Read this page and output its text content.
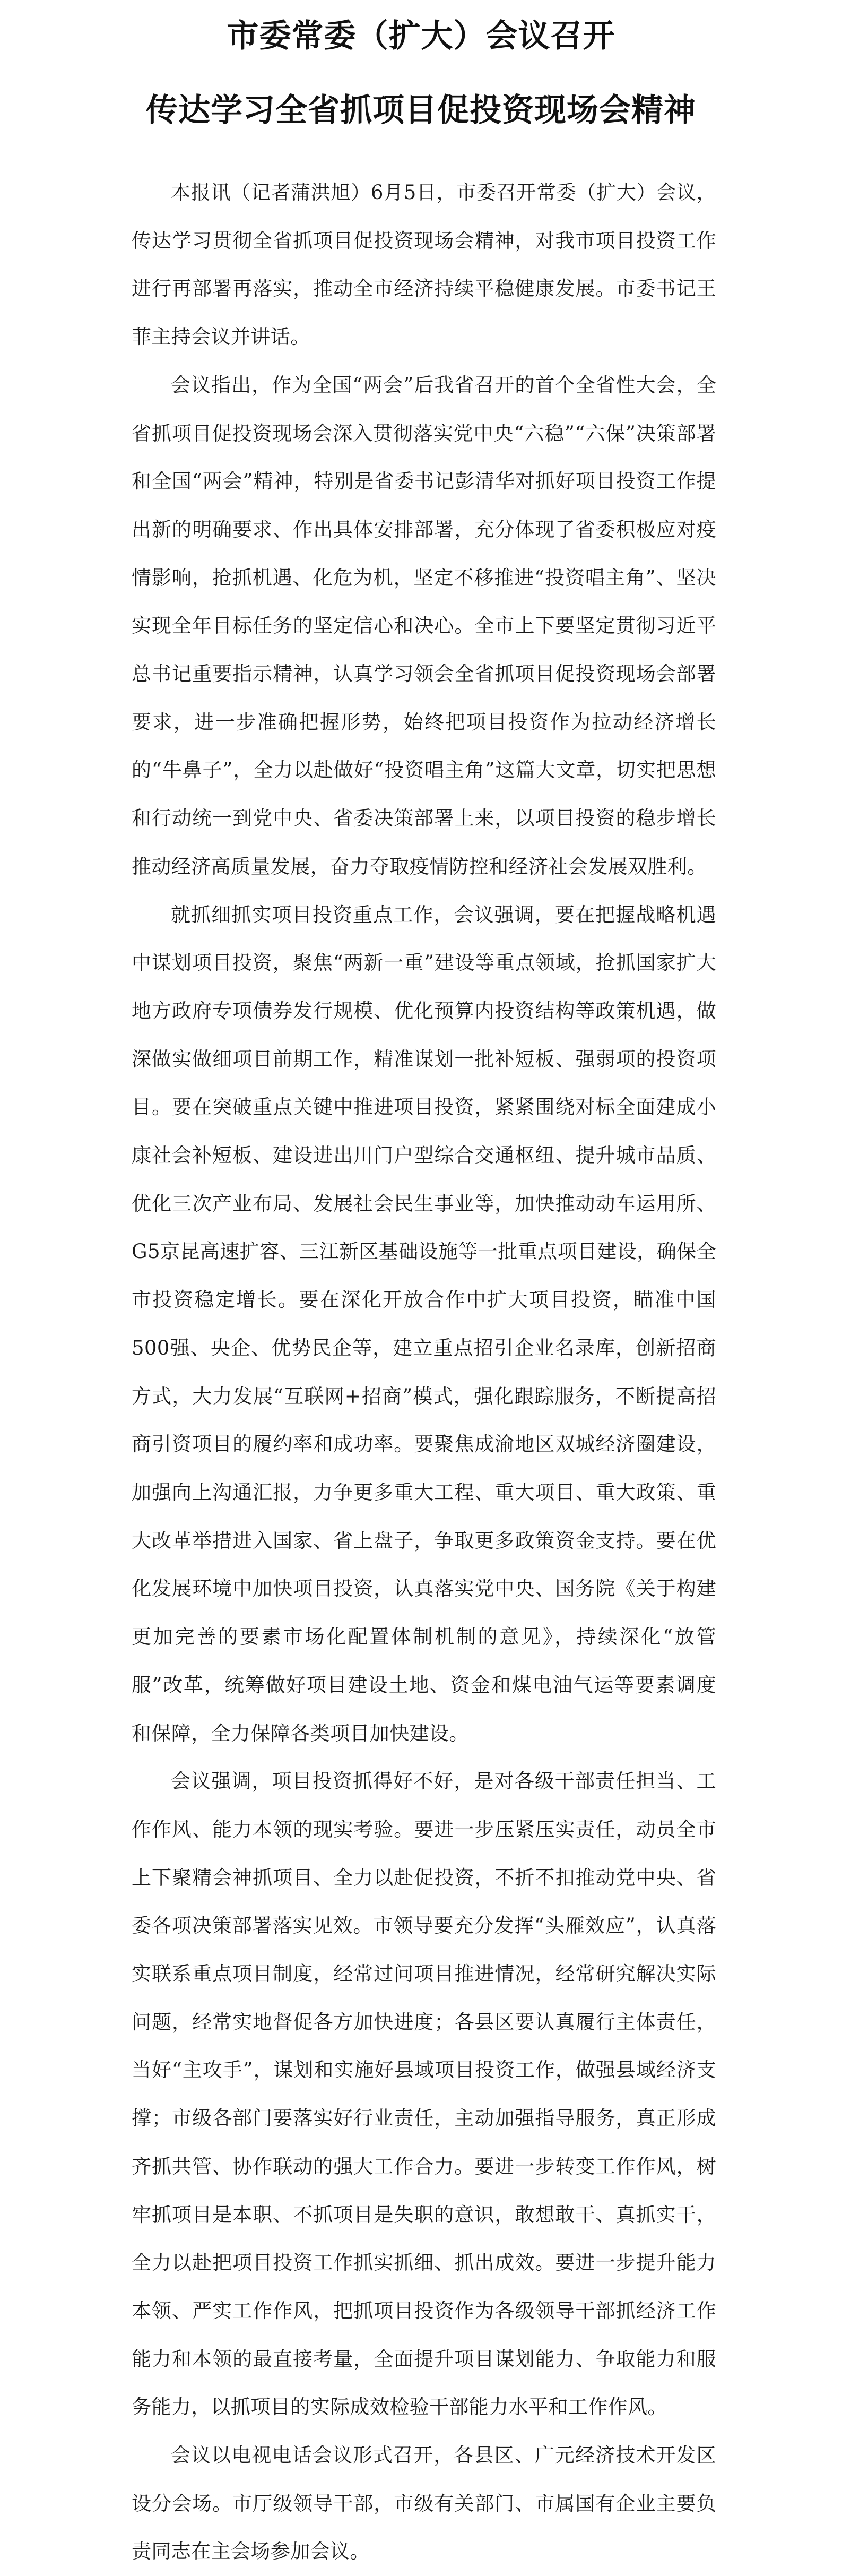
市委常委（扩大）会议召开
传达学习全省抓项目促投资现场会精神

本报讯（记者蒲洪旭）6月5日，市委召开常委（扩大）会议，传达学习贯彻全省抓项目促投资现场会精神，对我市项目投资工作进行再部署再落实，推动全市经济持续平稳健康发展。市委书记王菲主持会议并讲话。

会议指出，作为全国“两会”后我省召开的首个全省性大会，全省抓项目促投资现场会深入贯彻落实党中央“六稳”“六保”决策部署和全国“两会”精神，特别是省委书记彭清华对抓好项目投资工作提出新的明确要求、作出具体安排部署，充分体现了省委积极应对疫情影响，抢抓机遇、化危为机，坚定不移推进“投资唱主角”、坚决实现全年目标任务的坚定信心和决心。全市上下要坚定贯彻习近平总书记重要指示精神，认真学习领会全省抓项目促投资现场会部署要求，进一步准确把握形势，始终把项目投资作为拉动经济增长的“牛鼻子”，全力以赴做好“投资唱主角”这篇大文章，切实把思想和行动统一到党中央、省委决策部署上来，以项目投资的稳步增长推动经济高质量发展，奋力夺取疫情防控和经济社会发展双胜利。

就抓细抓实项目投资重点工作，会议强调，要在把握战略机遇中谋划项目投资，聚焦“两新一重”建设等重点领域，抢抓国家扩大地方政府专项债券发行规模、优化预算内投资结构等政策机遇，做深做实做细项目前期工作，精准谋划一批补短板、强弱项的投资项目。要在突破重点关键中推进项目投资，紧紧围绕对标全面建成小康社会补短板、建设进出川门户型综合交通枢纽、提升城市品质、优化三次产业布局、发展社会民生事业等，加快推动动车运用所、G5京昆高速扩容、三江新区基础设施等一批重点项目建设，确保全市投资稳定增长。要在深化开放合作中扩大项目投资，瞄准中国500强、央企、优势民企等，建立重点招引企业名录库，创新招商方式，大力发展“互联网+招商”模式，强化跟踪服务，不断提高招商引资项目的履约率和成功率。要聚焦成渝地区双城经济圈建设，加强向上沟通汇报，力争更多重大工程、重大项目、重大政策、重大改革举措进入国家、省上盘子，争取更多政策资金支持。要在优化发展环境中加快项目投资，认真落实党中央、国务院《关于构建更加完善的要素市场化配置体制机制的意见》，持续深化“放管服”改革，统筹做好项目建设土地、资金和煤电油气运等要素调度和保障，全力保障各类项目加快建设。

会议强调，项目投资抓得好不好，是对各级干部责任担当、工作作风、能力本领的现实考验。要进一步压紧压实责任，动员全市上下聚精会神抓项目、全力以赴促投资，不折不扣推动党中央、省委各项决策部署落实见效。市领导要充分发挥“头雁效应”，认真落实联系重点项目制度，经常过问项目推进情况，经常研究解决实际问题，经常实地督促各方加快进度；各县区要认真履行主体责任，当好“主攻手”，谋划和实施好县域项目投资工作，做强县域经济支撑；市级各部门要落实好行业责任，主动加强指导服务，真正形成齐抓共管、协作联动的强大工作合力。要进一步转变工作作风，树牢抓项目是本职、不抓项目是失职的意识，敢想敢干、真抓实干，全力以赴把项目投资工作抓实抓细、抓出成效。要进一步提升能力本领、严实工作作风，把抓项目投资作为各级领导干部抓经济工作能力和本领的最直接考量，全面提升项目谋划能力、争取能力和服务能力，以抓项目的实际成效检验干部能力水平和工作作风。

会议以电视电话会议形式召开，各县区、广元经济技术开发区设分会场。市厅级领导干部，市级有关部门、市属国有企业主要负责同志在主会场参加会议。
